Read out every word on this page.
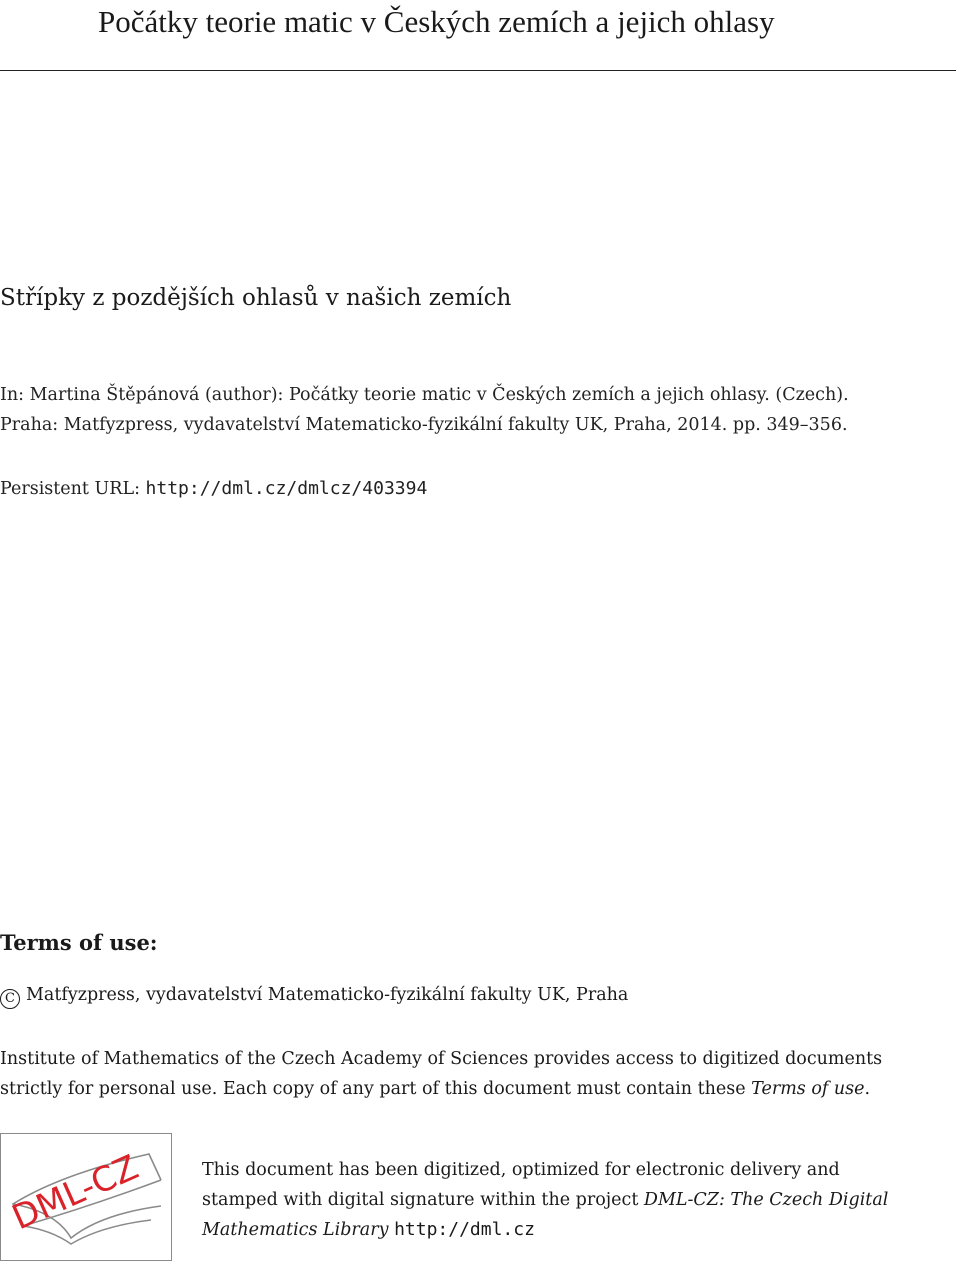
Počátky teorie matic v Českých zemích a jejich ohlasy
Střípky z pozdějších ohlasů v našich zemích
In: Martina Štěpánová (author): Počátky teorie matic v Českých zemích a jejich ohlasy. (Czech).
Praha: Matfyzpress, vydavatelství Matematicko-fyzikální fakulty UK, Praha, 2014. pp. 349–356.
Persistent URL: http://dml.cz/dmlcz/403394
Terms of use:
C Matfyzpress, vydavatelství Matematicko-fyzikální fakulty UK, Praha
Institute of Mathematics of the Czech Academy of Sciences provides access to digitized documents
strictly for personal use. Each copy of any part of this document must contain these Terms of use.
DML-CZ	This document has been digitized, optimized for electronic delivery and
stamped with digital signature within the project DML-CZ: The Czech Digital
Mathematics Library http://dml.cz
